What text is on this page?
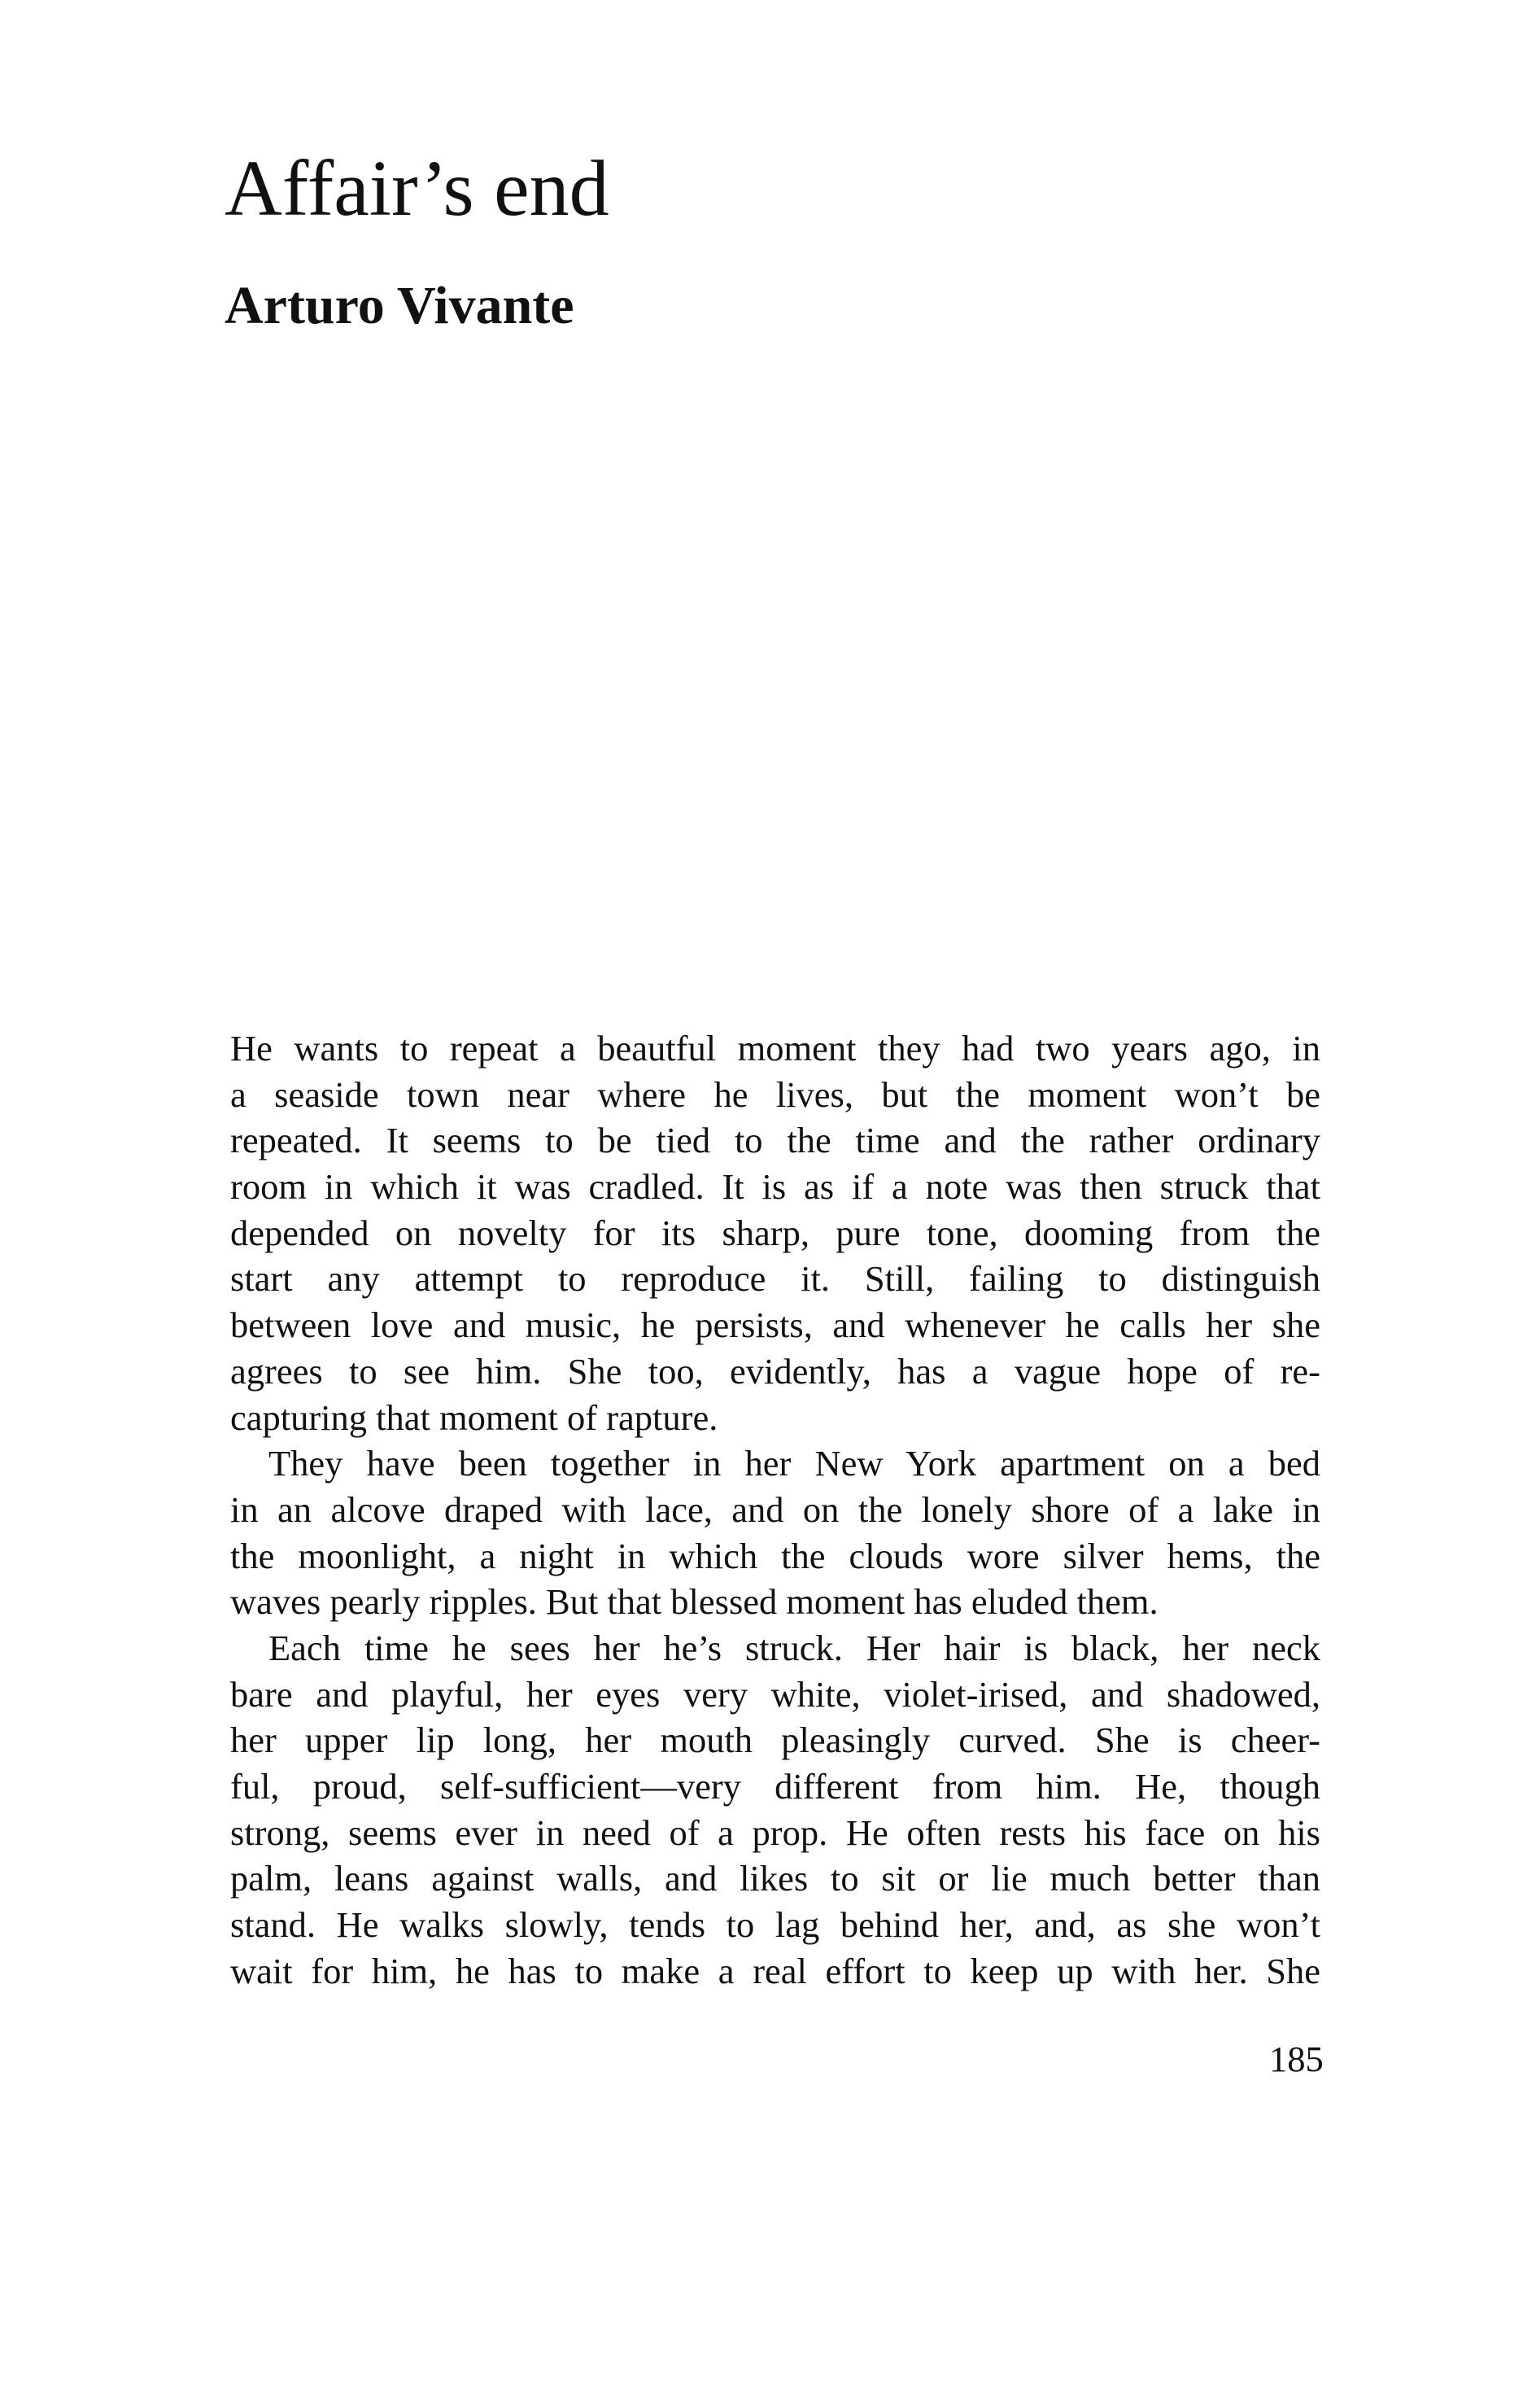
Affair’s end
Arturo Vivante
He wants to repeat a beautful moment they had two years ago, in
a seaside town near where he lives, but the moment won’t be
repeated. It seems to be tied to the time and the rather ordinary
room in which it was cradled. It is as if a note was then struck that
depended on novelty for its sharp, pure tone, dooming from the
start any attempt to reproduce it. Still, failing to distinguish
between love and music, he persists, and whenever he calls her she
agrees to see him. She too, evidently, has a vague hope of re-
capturing that moment of rapture.
They have been together in her New York apartment on a bed
in an alcove draped with lace, and on the lonely shore of a lake in
the moonlight, a night in which the clouds wore silver hems, the
waves pearly ripples. But that blessed moment has eluded them.
Each time he sees her he’s struck. Her hair is black, her neck
bare and playful, her eyes very white, violet-irised, and shadowed,
her upper lip long, her mouth pleasingly curved. She is cheer-
ful, proud, self-sufficient—very different from him. He, though
strong, seems ever in need of a prop. He often rests his face on his
palm, leans against walls, and likes to sit or lie much better than
stand. He walks slowly, tends to lag behind her, and, as she won’t
wait for him, he has to make a real effort to keep up with her. She
185
